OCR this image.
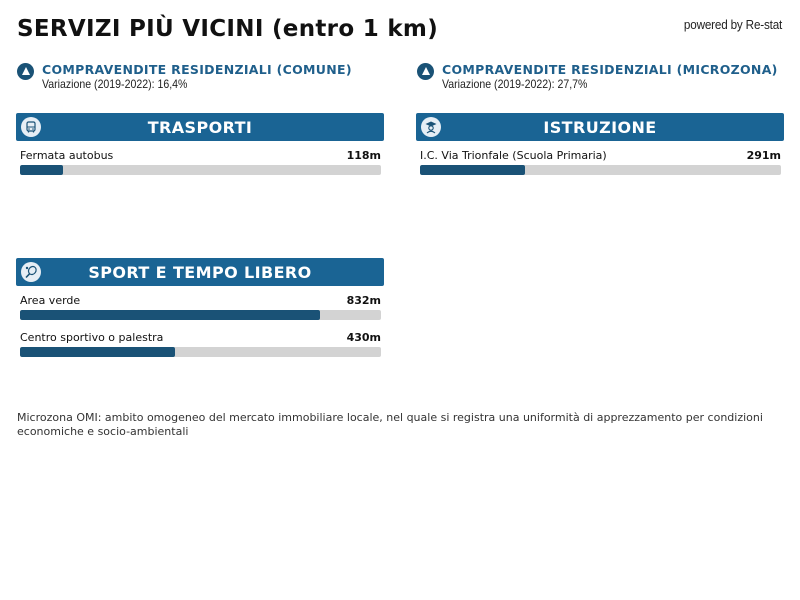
SERVIZI PIÙ VICINI (entro 1 km)	powered by Re-stat
COMPRAVENDITE RESIDENZIALI (COMUNE)
Variazione (2019-2022): 16,4%
COMPRAVENDITE RESIDENZIALI (MICROZONA)
Variazione (2019-2022): 27,7%
TRASPORTI
Fermata autobus	118m
ISTRUZIONE
I.C. Via Trionfale (Scuola Primaria)	291m
SPORT E TEMPO LIBERO
Area verde	832m
Centro sportivo o palestra	430m
Microzona OMI: ambito omogeneo del mercato immobiliare locale, nel quale si registra una uniformità di apprezzamento per condizioni economiche e socio-ambientali
